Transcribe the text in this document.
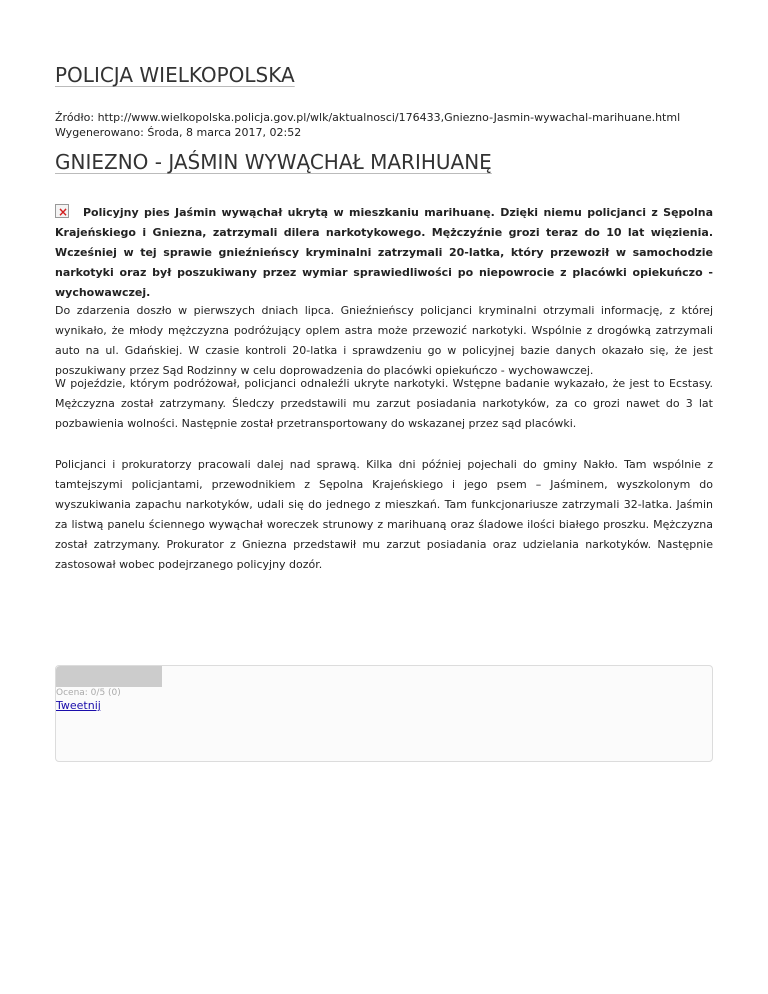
POLICJA WIELKOPOLSKA
Źródło: http://www.wielkopolska.policja.gov.pl/wlk/aktualnosci/176433,Gniezno-Jasmin-wywachal-marihuane.html
Wygenerowano: Środa, 8 marca 2017, 02:52
GNIEZNO - JAŚMIN WYWĄCHAŁ MARIHUANĘ
×Policyjny pies Jaśmin wywąchał ukrytą w mieszkaniu marihuanę. Dzięki niemu policjanci z Sępolna Krajeńskiego i Gniezna, zatrzymali dilera narkotykowego. Mężczyźnie grozi teraz do 10 lat więzienia. Wcześniej w tej sprawie gnieźnieńscy kryminalni zatrzymali 20-latka, który przewoził w samochodzie narkotyki oraz był poszukiwany przez wymiar sprawiedliwości po niepowrocie z placówki opiekuńczo - wychowawczej.

Do zdarzenia doszło w pierwszych dniach lipca. Gnieźnieńscy policjanci kryminalni otrzymali informację, z której wynikało, że młody mężczyzna podróżujący oplem astra może przewozić narkotyki. Wspólnie z drogówką zatrzymali auto na ul. Gdańskiej. W czasie kontroli 20-latka i sprawdzeniu go w policyjnej bazie danych okazało się, że jest poszukiwany przez Sąd Rodzinny w celu doprowadzenia do placówki opiekuńczo - wychowawczej.

W pojeździe, którym podróżował, policjanci odnaleźli ukryte narkotyki. Wstępne badanie wykazało, że jest to Ecstasy. Mężczyzna został zatrzymany. Śledczy przedstawili mu zarzut posiadania narkotyków, za co grozi nawet do 3 lat pozbawienia wolności. Następnie został przetransportowany do wskazanej przez sąd placówki.

Policjanci i prokuratorzy pracowali dalej nad sprawą. Kilka dni później pojechali do gminy Nakło. Tam wspólnie z tamtejszymi policjantami, przewodnikiem z Sępolna Krajeńskiego i jego psem – Jaśminem, wyszkolonym do wyszukiwania zapachu narkotyków, udali się do jednego z mieszkań. Tam funkcjonariusze zatrzymali 32-latka. Jaśmin za listwą panelu ściennego wywąchał woreczek strunowy z marihuaną oraz śladowe ilości białego proszku. Mężczyzna został zatrzymany. Prokurator z Gniezna przedstawił mu zarzut posiadania oraz udzielania narkotyków. Następnie zastosował wobec podejrzanego policyjny dozór.

Ocena: 0/5 (0)
Tweetnij
